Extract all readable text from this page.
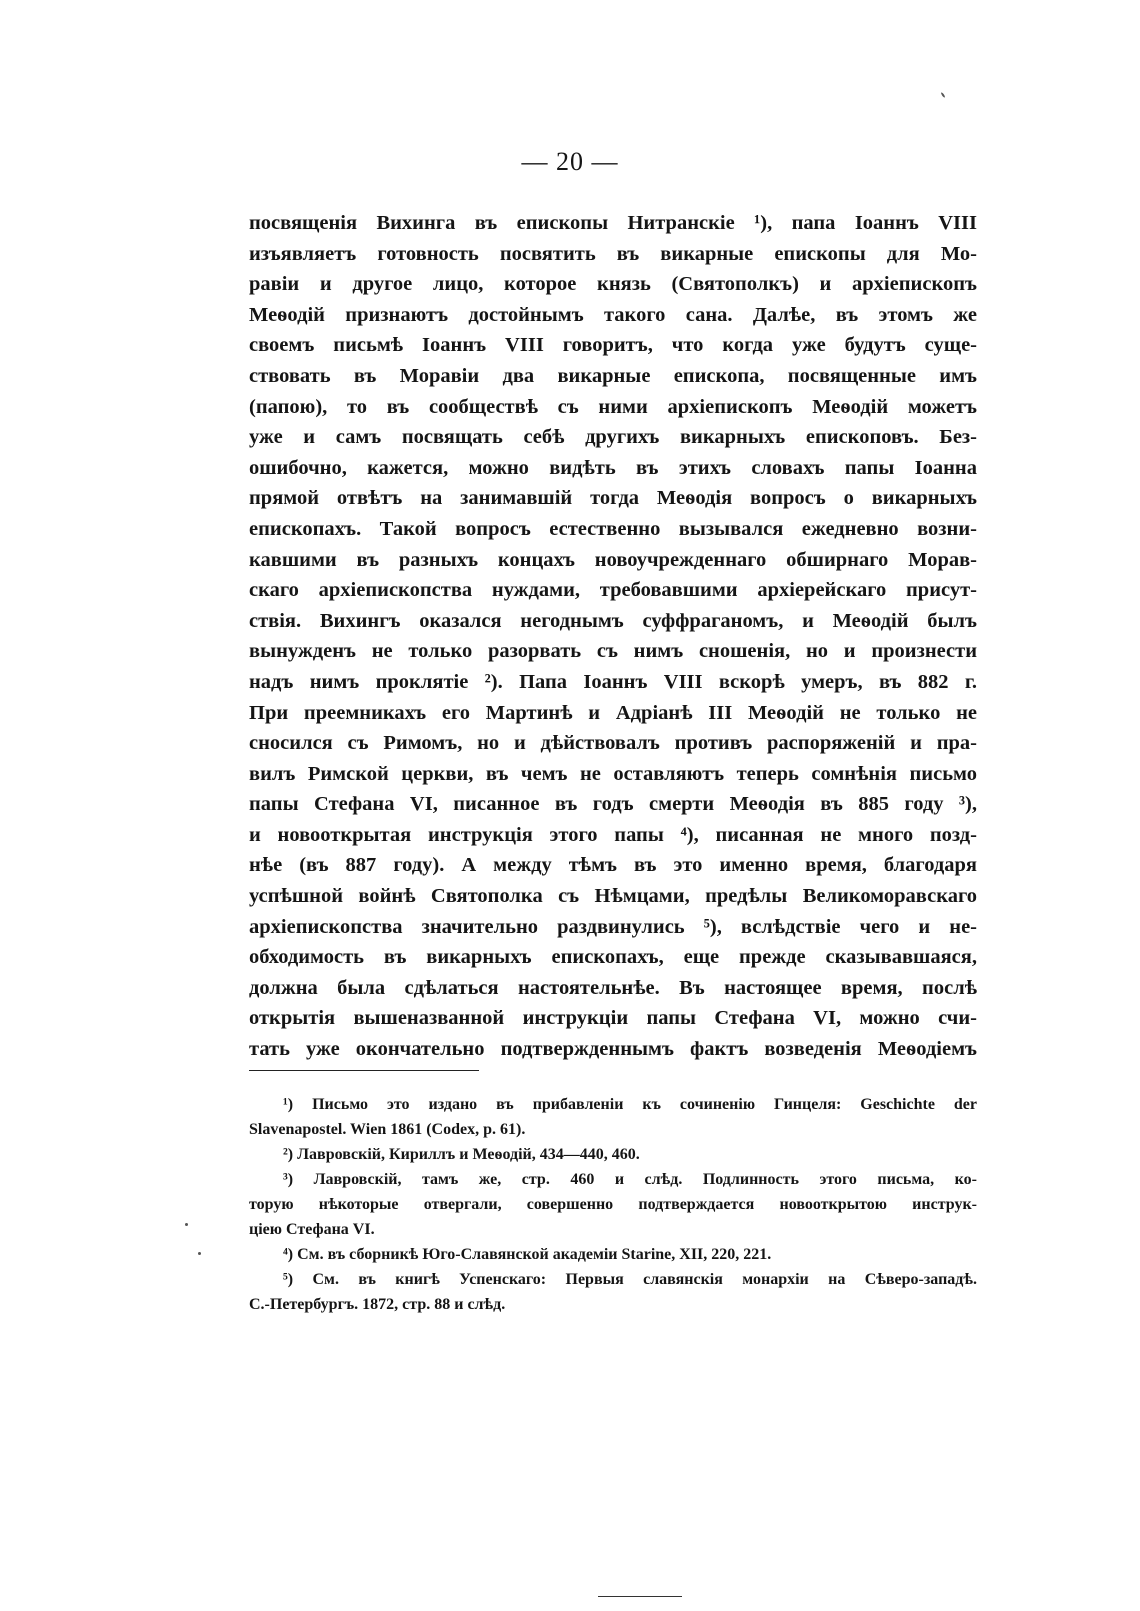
— 20 —
посвященія Вихинга въ епископы Нитранскіе ¹), папа Іоаннъ VIII
изъявляетъ готовность посвятить въ викарные епископы для Мо-
равіи и другое лицо, которое князь (Святополкъ) и архіепископъ
Меѳодій признаютъ достойнымъ такого сана. Далѣе, въ этомъ же
своемъ письмѣ Іоаннъ VIII говоритъ, что когда уже будутъ суще-
ствовать въ Моравіи два викарные епископа, посвященные имъ
(папою), то въ сообществѣ съ ними архіепископъ Меѳодій можетъ
уже и самъ посвящать себѣ другихъ викарныхъ епископовъ. Без-
ошибочно, кажется, можно видѣть въ этихъ словахъ папы Іоанна
прямой отвѣтъ на занимавшій тогда Меѳодія вопросъ о викарныхъ
епископахъ. Такой вопросъ естественно вызывался ежедневно возни-
кавшими въ разныхъ концахъ новоучрежденнаго обширнаго Морав-
скаго архіепископства нуждами, требовавшими архіерейскаго присут-
ствія. Вихингъ оказался негоднымъ суффраганомъ, и Меѳодій былъ
вынужденъ не только разорвать съ нимъ сношенія, но и произнести
надъ нимъ проклятіе ²). Папа Іоаннъ VIII вскорѣ умеръ, въ 882 г.
При преемникахъ его Мартинѣ и Адріанѣ III Меѳодій не только не
сносился съ Римомъ, но и дѣйствовалъ противъ распоряженій и пра-
вилъ Римской церкви, въ чемъ не оставляютъ теперь сомнѣнія письмо
папы Стефана VI, писанное въ годъ смерти Меѳодія въ 885 году ³),
и новооткрытая инструкція этого папы ⁴), писанная не много позд-
нѣе (въ 887 году). А между тѣмъ въ это именно время, благодаря
успѣшной войнѣ Святополка съ Нѣмцами, предѣлы Великоморавскаго
архіепископства значительно раздвинулись ⁵), вслѣдствіе чего и не-
обходимость въ викарныхъ епископахъ, еще прежде сказывавшаяся,
должна была сдѣлаться настоятельнѣе. Въ настоящее время, послѣ
открытія вышеназванной инструкціи папы Стефана VI, можно счи-
тать уже окончательно подтвержденнымъ фактъ возведенія Меѳодіемъ
¹) Письмо это издано въ прибавленіи къ сочиненію Гинцеля: Geschichte der
Slavenapostel. Wien 1861 (Codex, p. 61).
²) Лавровскій, Кириллъ и Меѳодій, 434—440, 460.
³) Лавровскій, тамъ же, стр. 460 и слѣд. Подлинность этого письма, ко-
торую нѣкоторые отвергали, совершенно подтверждается новооткрытою инструк-
ціею Стефана VI.
⁴) См. въ сборникѣ Юго-Славянской академіи Starine, XII, 220, 221.
⁵) См. въ книгѣ Успенскаго: Первыя славянскія монархіи на Сѣверо-западѣ.
С.-Петербургъ. 1872, стр. 88 и слѣд.
